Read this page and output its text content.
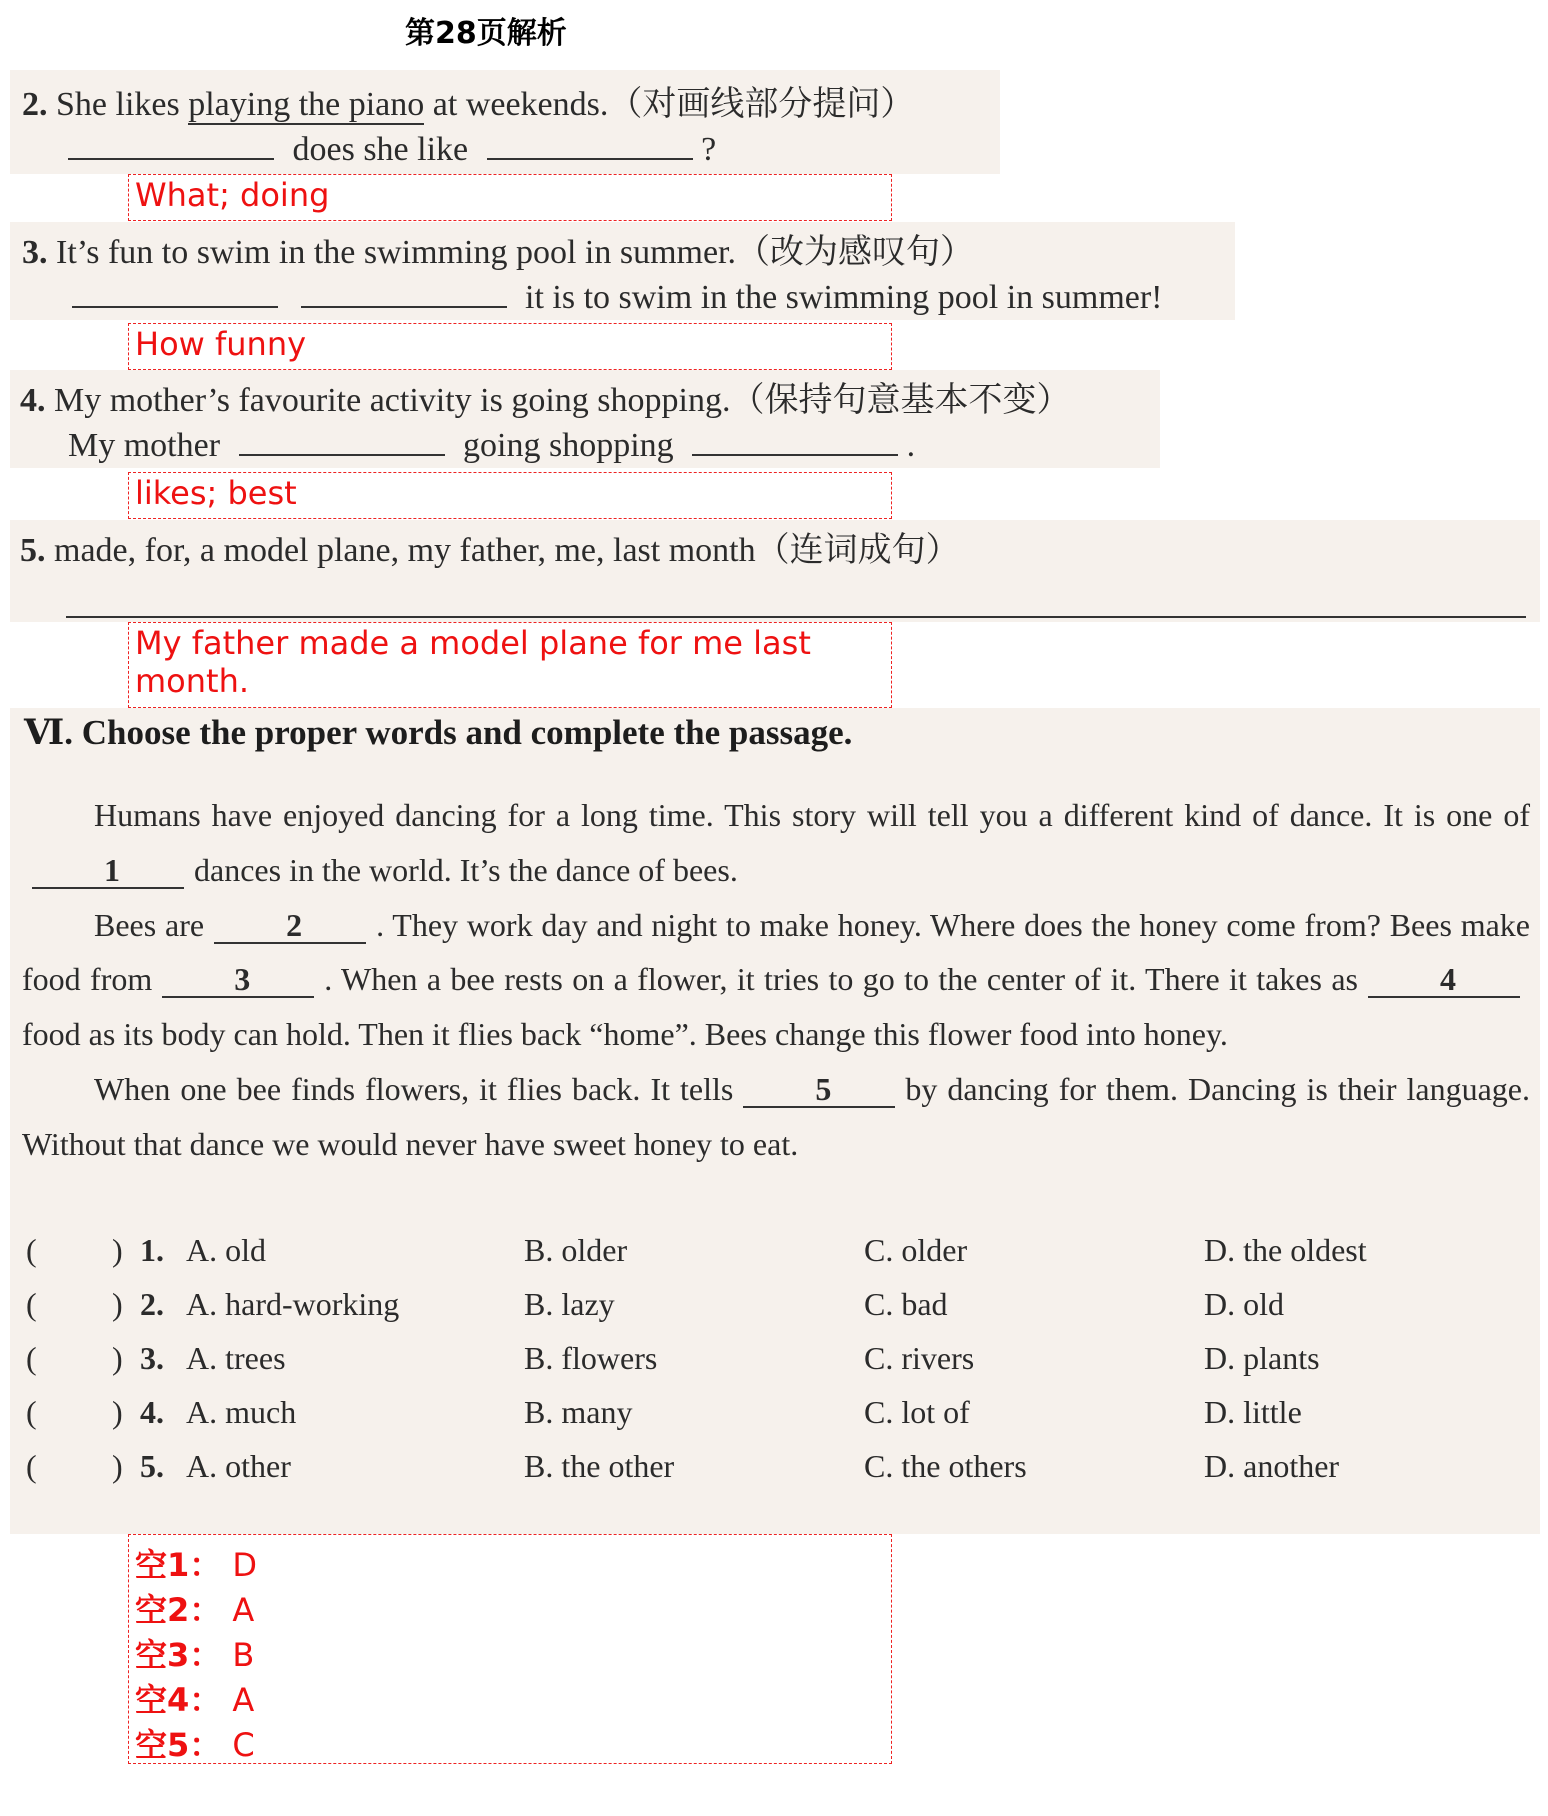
第28页解析
2. She likes playing the piano at weekends.（对画线部分提问）
does she like	?
What; doing
3. It’s fun to swim in the swimming pool in summer.（改为感叹句）
it is to swim in the swimming pool in summer!
How funny
4. My mother’s favourite activity is going shopping.（保持句意基本不变）
My mother	going shopping	.
likes; best
5. made, for, a model plane, my father, me, last month（连词成句）
My father made a model plane for me last month.
Ⅵ. Choose the proper words and complete the passage.

Humans have enjoyed dancing for a long time. This story will tell you a different kind of dance. It is one of1 dances in the world. It’s the dance of bees.

Bees are	2 . They work day and night to make honey. Where does the honey come from? Bees make food from	3 . When a bee rests on a flower, it tries to go to the center of it. There it takes as	4food as its body can hold. Then it flies back “home”. Bees change this flower food into honey.

When one bee finds flowers, it flies back. It tells	5 by dancing for them. Dancing is their language. Without that dance we would never have sweet honey to eat.

( ) 1. A. old	B. older	C. older	D. the oldest
( ) 2. A. hard-working	B. lazy	C. bad	D. old
( ) 3. A. trees	B. flowers	C. rivers	D. plants
( ) 4. A. much	B. many	C. lot of	D. little
( ) 5. A. other	B. the other	C. the others	D. another
空1： D
空2： A
空3： B
空4： A
空5： C
